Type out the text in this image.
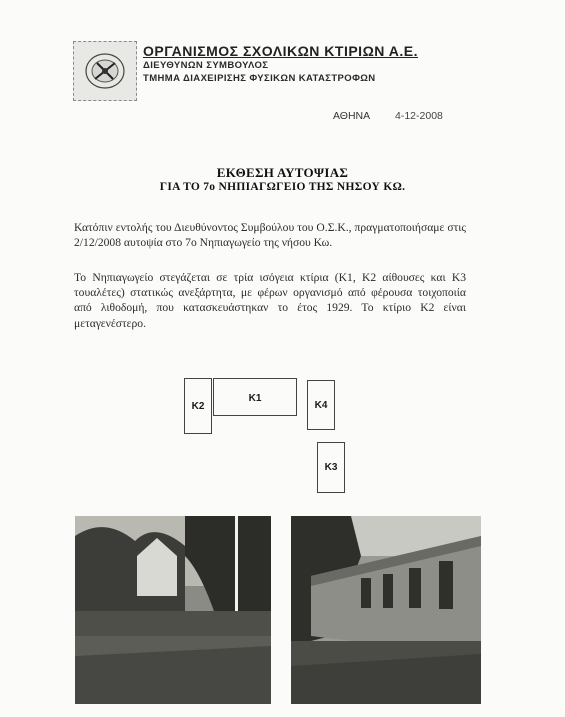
ΟΡΓΑΝΙΣΜΟΣ ΣΧΟΛΙΚΩΝ ΚΤΙΡΙΩΝ Α.Ε.
ΔΙΕΥΘΥΝΩΝ ΣΥΜΒΟΥΛΟΣ
ΤΜΗΜΑ ΔΙΑΧΕΙΡΙΣΗΣ ΦΥΣΙΚΩΝ ΚΑΤΑΣΤΡΟΦΩΝ
ΑΘΗΝΑ 4-12-2008
ΕΚΘΕΣΗ ΑΥΤΟΨΙΑΣ
ΓΙΑ ΤΟ 7ο ΝΗΠΙΑΓΩΓΕΙΟ ΤΗΣ ΝΗΣΟΥ ΚΩ.
Κατόπιν εντολής του Διευθύνοντος Συμβούλου του Ο.Σ.Κ., πραγματοποιήσαμε στις 2/12/2008 αυτοψία στο 7ο Νηπιαγωγείο της νήσου Κω.
Το Νηπιαγωγείο στεγάζεται σε τρία ισόγεια κτίρια (Κ1, Κ2 αίθουσες και Κ3 τουαλέτες) στατικώς ανεξάρτητα, με φέρων οργανισμό από φέρουσα τοιχοποιία από λιθοδομή, που κατασκευάστηκαν το έτος 1929. Το κτίριο Κ2 είναι μεταγενέστερο.
Κ2
Κ1
Κ4
Κ3
